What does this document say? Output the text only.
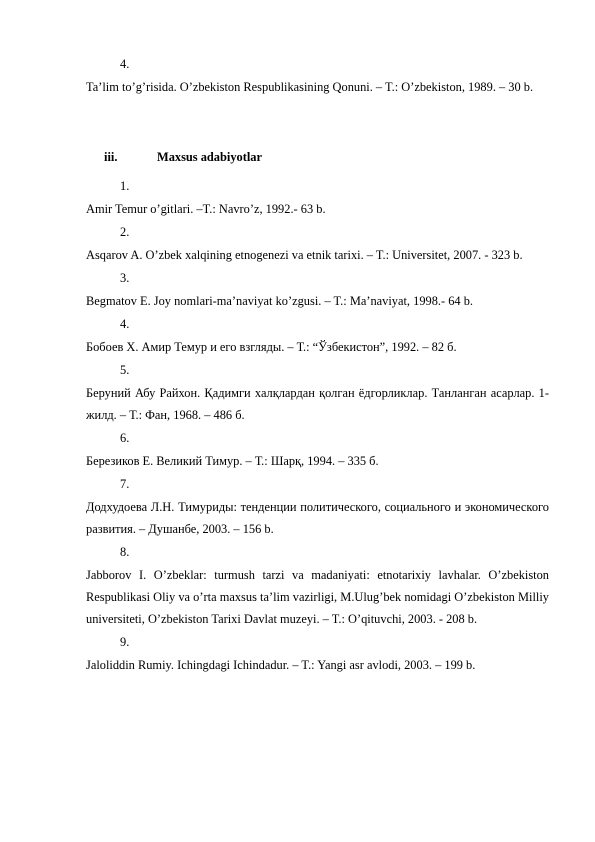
4.

Ta’lim to’g’risida. O’zbekiston Respublikasining Qonuni. – T.: O’zbekiston, 1989. – 30 b.

iii.	Maxsus adabiyotlar
1.

Amir Temur o’gitlari. –T.: Navro’z, 1992.- 63 b.

2.

Asqarov A. O’zbek xalqining etnogenezi va etnik tarixi. – T.: Universitet, 2007. - 323 b.

3.

Begmatov E. Joy nomlari-ma’naviyat ko’zgusi. – T.: Ma’naviyat, 1998.- 64 b.

4.

Бобоев Х. Амир Темур и его взгляды. – Т.: “Ўзбекистон”, 1992. – 82 б.

5.

Беруний Абу Райхон. Қадимги халқлардан қолган ёдгорликлар. Танланган асарлар. 1-жилд. – Т.: Фан, 1968. – 486 б.

6.

Березиков Е. Великий Тимур. – Т.: Шарқ, 1994. – 335 б.

7.

Додхудоева Л.Н. Тимуриды: тенденции политического, социального и экономического развития. – Душанбе, 2003. – 156 b.

8.

Jabborov I. O’zbeklar: turmush tarzi va madaniyati: etnotarixiy lavhalar. O’zbekiston Respublikasi Oliy va o’rta maxsus ta’lim vazirligi, M.Ulug’bek nomidagi O’zbekiston Milliy universiteti, O’zbekiston Tarixi Davlat muzeyi. – T.: O’qituvchi, 2003. - 208 b.

9.

Jaloliddin Rumiy. Ichingdagi Ichindadur. – T.: Yangi asr avlodi, 2003. – 199 b.
